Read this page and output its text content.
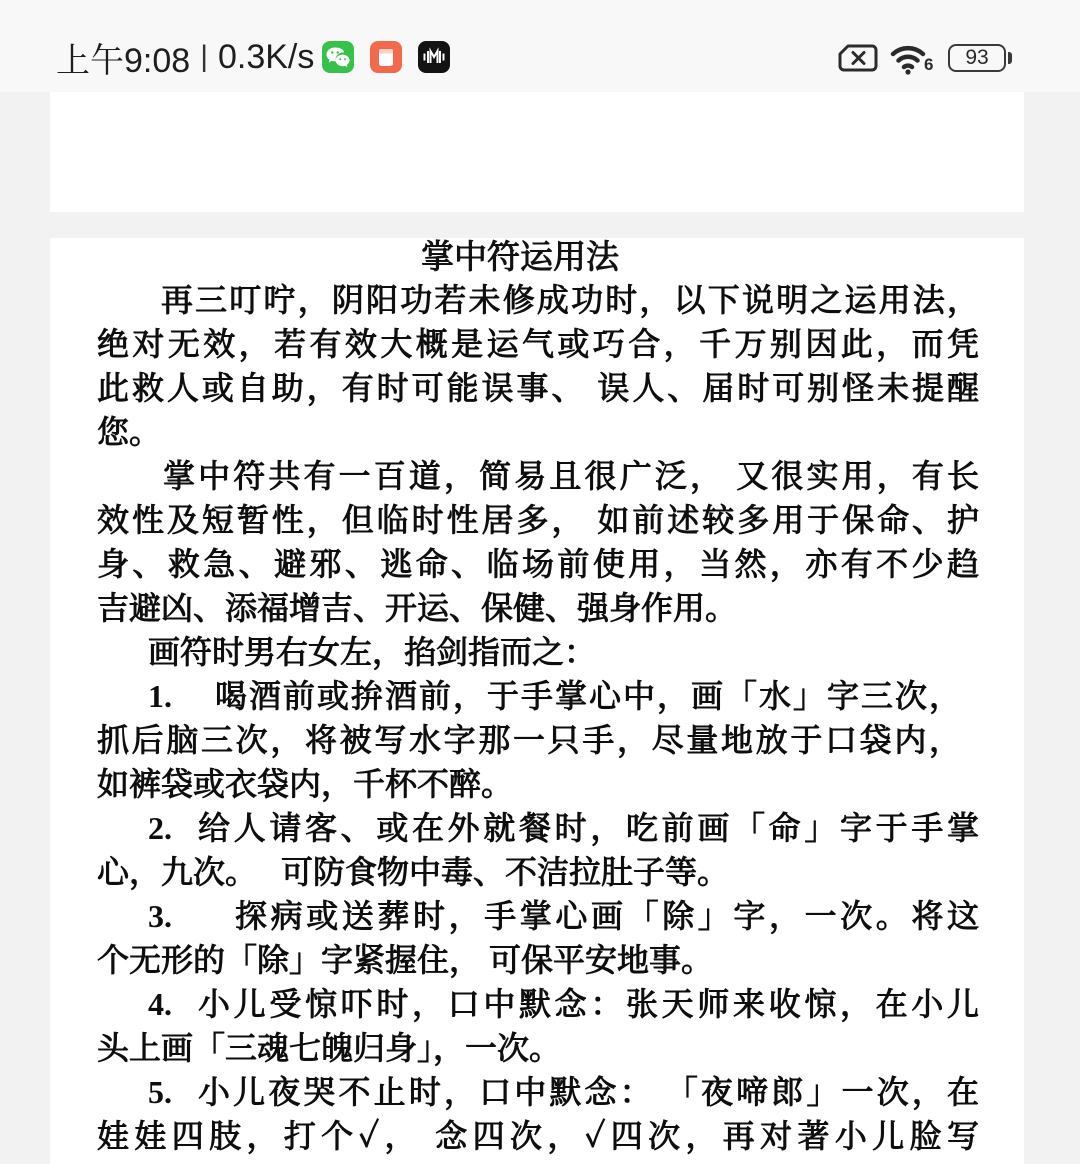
上午9:08 | 0.3K/s	6 93
掌中符运用法
再三叮咛，阴阳功若未修成功时，以下说明之运用法，
绝对无效，若有效大概是运气或巧合，千万别因此，而凭
此救人或自助，有时可能误事、 误人、届时可别怪未提醒
您。
掌中符共有一百道，简易且很广泛， 又很实用，有长
效性及短暂性，但临时性居多， 如前述较多用于保命、护
身、救急、避邪、逃命、临场前使用，当然，亦有不少趋
吉避凶、添福增吉、开运、保健、强身作用。
画符时男右女左，掐剑指而之：
1.	喝酒前或拚酒前，于手掌心中，画「水」字三次，
抓后脑三次，将被写水字那一只手，尽量地放于口袋内，
如裤袋或衣袋内，千杯不醉。
2. 给人请客、或在外就餐时，吃前画「命」字于手掌
心，九次。   可防食物中毒、不洁拉肚子等。
3.	探病或送葬时，手掌心画「除」字，一次。将这
个无形的「除」字紧握住， 可保平安地事。
4. 小儿受惊吓时，口中默念：张天师来收惊，在小儿
头上画「三魂七魄归身」，一次。
5. 小儿夜哭不止时，口中默念： 「夜啼郎」一次，在
娃娃四肢，打个✓， 念四次，✓四次，再对著小儿脸写
